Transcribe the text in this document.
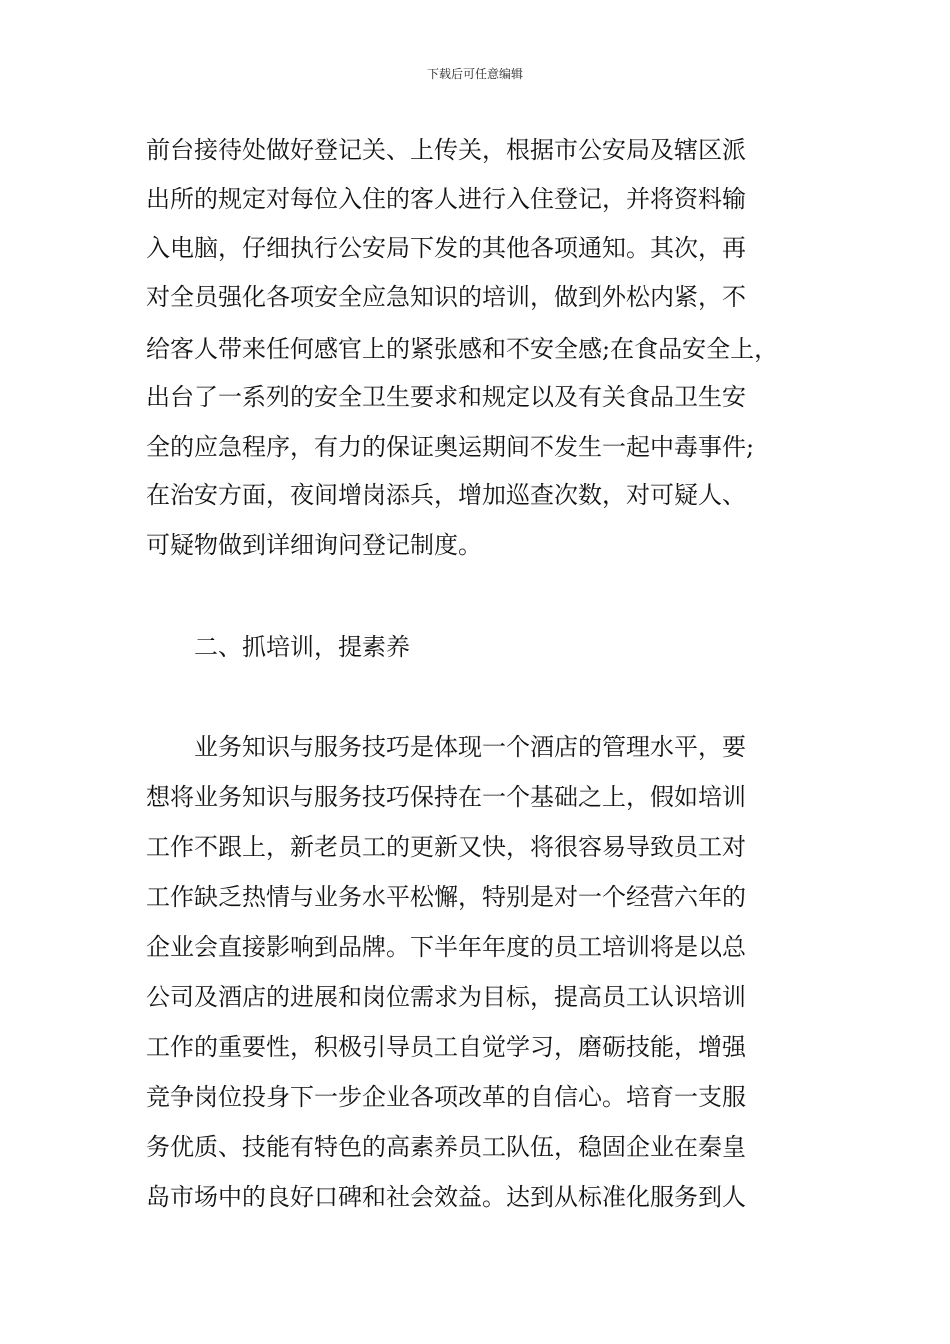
下载后可任意编辑
前台接待处做好登记关、上传关，根据市公安局及辖区派
出所的规定对每位入住的客人进行入住登记，并将资料输
入电脑，仔细执行公安局下发的其他各项通知。其次，再
对全员强化各项安全应急知识的培训，做到外松内紧，不
给客人带来任何感官上的紧张感和不安全感;在食品安全上，
出台了一系列的安全卫生要求和规定以及有关食品卫生安
全的应急程序，有力的保证奥运期间不发生一起中毒事件;
在治安方面，夜间增岗添兵，增加巡查次数，对可疑人、
可疑物做到详细询问登记制度。
二、抓培训，提素养
业务知识与服务技巧是体现一个酒店的管理水平，要
想将业务知识与服务技巧保持在一个基础之上，假如培训
工作不跟上，新老员工的更新又快，将很容易导致员工对
工作缺乏热情与业务水平松懈，特别是对一个经营六年的
企业会直接影响到品牌。下半年年度的员工培训将是以总
公司及酒店的进展和岗位需求为目标，提高员工认识培训
工作的重要性，积极引导员工自觉学习，磨砺技能，增强
竞争岗位投身下一步企业各项改革的自信心。培育一支服
务优质、技能有特色的高素养员工队伍，稳固企业在秦皇
岛市场中的良好口碑和社会效益。达到从标准化服务到人
